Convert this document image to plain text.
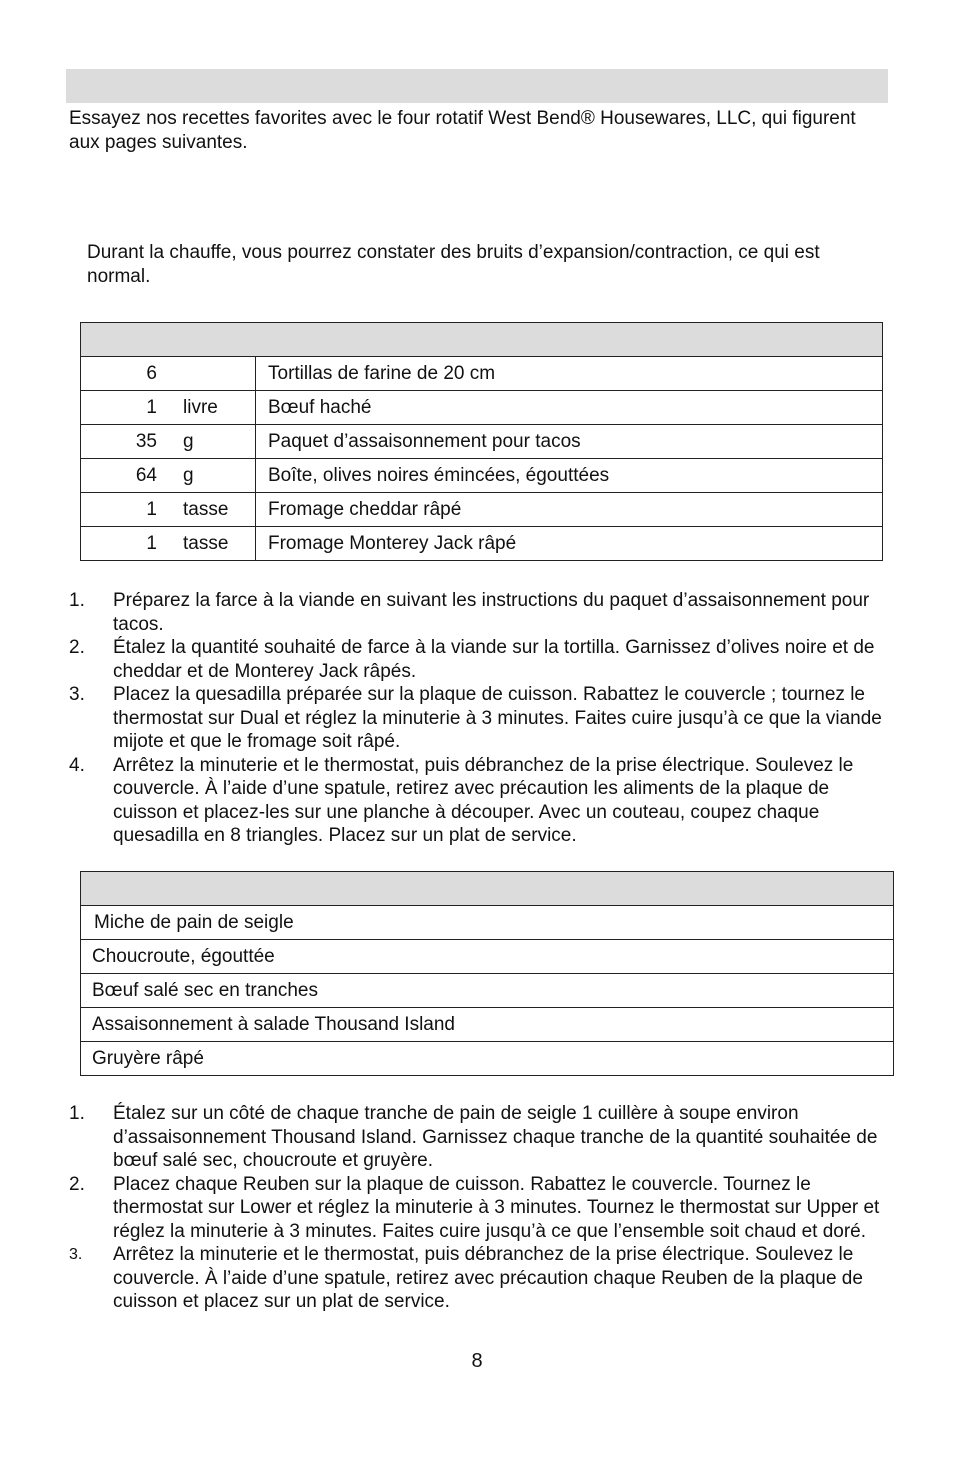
Essayez nos recettes favorites avec le four rotatif West Bend® Housewares, LLC, qui figurent aux pages suivantes.
Durant la chauffe, vous pourrez constater des bruits d’expansion/contraction, ce qui est normal.

6	Tortillas de farine de 20 cm

1 livre	Bœuf haché

35 g	Paquet d’assaisonnement pour tacos

64 g	Boîte, olives noires émincées, égouttées

1 tasse	Fromage cheddar râpé

1 tasse	Fromage Monterey Jack râpé
1. Préparez la farce à la viande en suivant les instructions du paquet d’assaisonnement pour tacos.
2. Étalez la quantité souhaité de farce à la viande sur la tortilla. Garnissez d’olives noire et de cheddar et de Monterey Jack râpés.
3. Placez la quesadilla préparée sur la plaque de cuisson. Rabattez le couvercle ; tournez le thermostat sur Dual et réglez la minuterie à 3 minutes. Faites cuire jusqu’à ce que la viande mijote et que le fromage soit râpé.
4. Arrêtez la minuterie et le thermostat, puis débranchez de la prise électrique. Soulevez le couvercle. À l’aide d’une spatule, retirez avec précaution les aliments de la plaque de cuisson et placez-les sur une planche à découper. Avec un couteau, coupez chaque quesadilla en 8 triangles. Placez sur un plat de service.

Miche de pain de seigle
Choucroute, égouttée
Bœuf salé sec en tranches
Assaisonnement à salade Thousand Island
Gruyère râpé
1. Étalez sur un côté de chaque tranche de pain de seigle 1 cuillère à soupe environ d’assaisonnement Thousand Island. Garnissez chaque tranche de la quantité souhaitée de bœuf salé sec, choucroute et gruyère.
2. Placez chaque Reuben sur la plaque de cuisson. Rabattez le couvercle. Tournez le thermostat sur Lower et réglez la minuterie à 3 minutes. Tournez le thermostat sur Upper et réglez la minuterie à 3 minutes. Faites cuire jusqu’à ce que l’ensemble soit chaud et doré.
3. Arrêtez la minuterie et le thermostat, puis débranchez de la prise électrique. Soulevez le couvercle. À l’aide d’une spatule, retirez avec précaution chaque Reuben de la plaque de cuisson et placez sur un plat de service.
8
